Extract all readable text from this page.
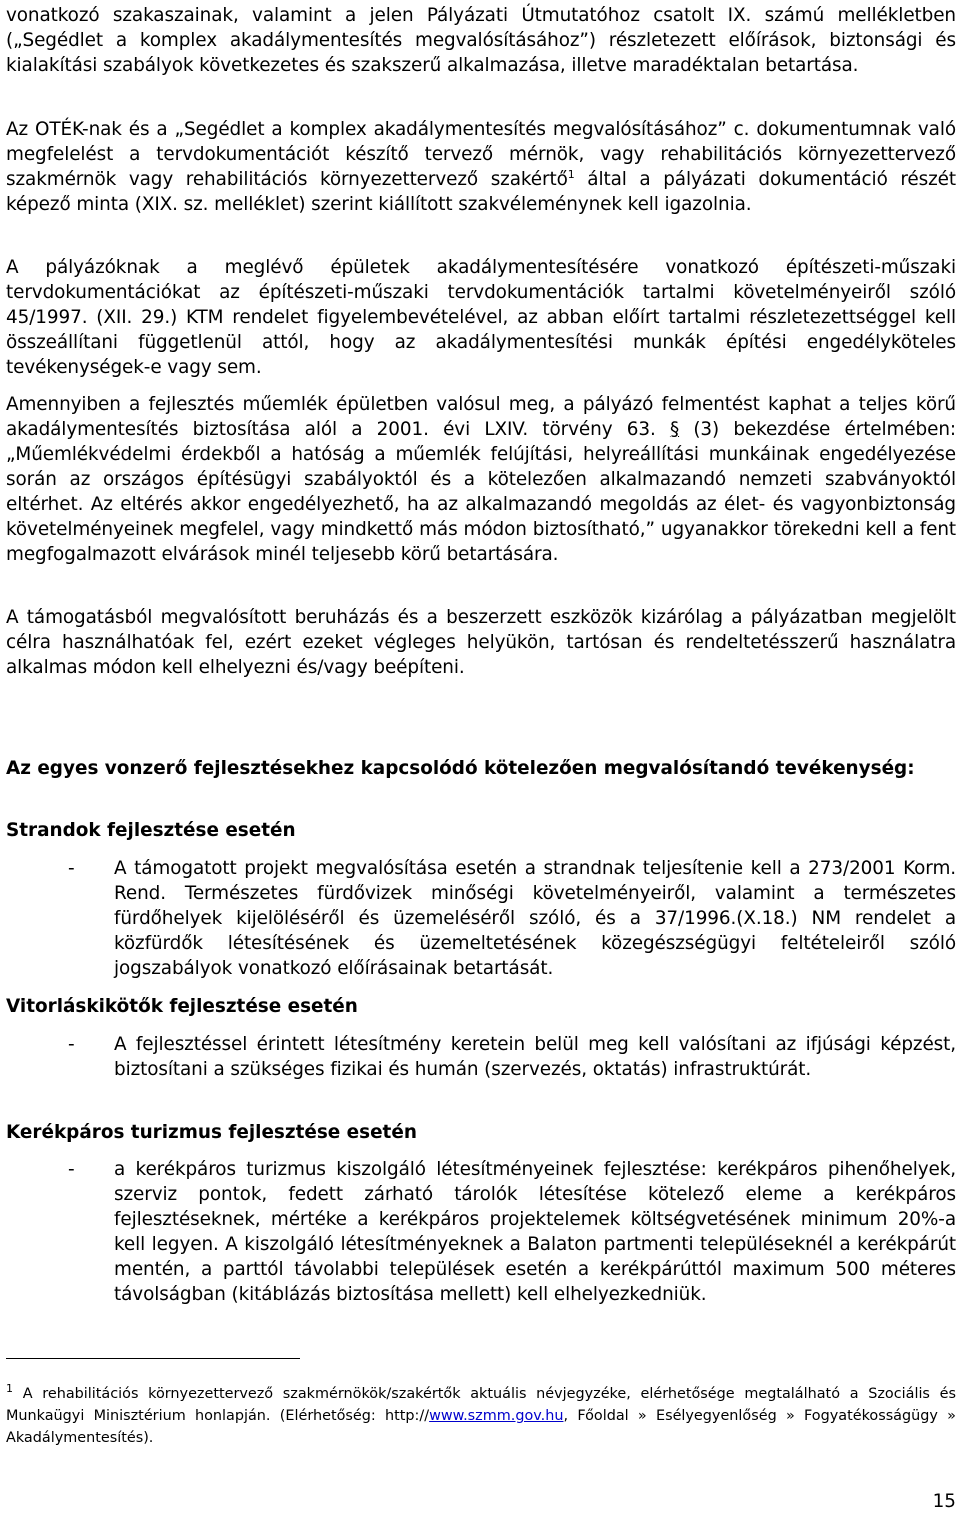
vonatkozó szakaszainak, valamint a jelen Pályázati Útmutatóhoz csatolt IX. számú mellékletben („Segédlet a komplex akadálymentesítés megvalósításához”) részletezett előírások, biztonsági és kialakítási szabályok következetes és szakszerű alkalmazása, illetve maradéktalan betartása.

Az OTÉK-nak és a „Segédlet a komplex akadálymentesítés megvalósításához” c. dokumentumnak való megfelelést a tervdokumentációt készítő tervező mérnök, vagy rehabilitációs környezettervező szakmérnök vagy rehabilitációs környezettervező szakértő$^1$ által a pályázati dokumentáció részét képező minta (XIX. sz. melléklet) szerint kiállított szakvéleménynek kell igazolnia.

A pályázóknak a meglévő épületek akadálymentesítésére vonatkozó építészeti-műszaki tervdokumentációkat az építészeti-műszaki tervdokumentációk tartalmi követelményeiről szóló 45/1997. (XII. 29.) KTM rendelet figyelembevételével, az abban előírt tartalmi részletezettséggel kell összeállítani függetlenül attól, hogy az akadálymentesítési munkák építési engedélyköteles tevékenységek-e vagy sem.

Amennyiben a fejlesztés műemlék épületben valósul meg, a pályázó felmentést kaphat a teljes körű akadálymentesítés biztosítása alól a 2001. évi LXIV. törvény 63. § (3) bekezdése értelmében: „Műemlékvédelmi érdekből a hatóság a műemlék felújítási, helyreállítási munkáinak engedélyezése során az országos építésügyi szabályoktól és a kötelezően alkalmazandó nemzeti szabványoktól eltérhet. Az eltérés akkor engedélyezhető, ha az alkalmazandó megoldás az élet- és vagyonbiztonság követelményeinek megfelel, vagy mindkettő más módon biztosítható,” ugyanakkor törekedni kell a fent megfogalmazott elvárások minél teljesebb körű betartására.

A támogatásból megvalósított beruházás és a beszerzett eszközök kizárólag a pályázatban megjelölt célra használhatóak fel, ezért ezeket végleges helyükön, tartósan és rendeltetésszerű használatra alkalmas módon kell elhelyezni és/vagy beépíteni.

Az egyes vonzerő fejlesztésekhez kapcsolódó kötelezően megvalósítandó tevékenység:
Strandok fejlesztése esetén
- A támogatott projekt megvalósítása esetén a strandnak teljesítenie kell a 273/2001 Korm. Rend. Természetes fürdővizek minőségi követelményeiről, valamint a természetes fürdőhelyek kijelöléséről és üzemeléséről szóló, és a 37/1996.(X.18.) NM rendelet a közfürdők létesítésének és üzemeltetésének közegészségügyi feltételeiről szóló jogszabályok vonatkozó előírásainak betartását.

Vitorláskikötők fejlesztése esetén
- A fejlesztéssel érintett létesítmény keretein belül meg kell valósítani az ifjúsági képzést, biztosítani a szükséges fizikai és humán (szervezés, oktatás) infrastruktúrát.

Kerékpáros turizmus fejlesztése esetén
- a kerékpáros turizmus kiszolgáló létesítményeinek fejlesztése: kerékpáros pihenőhelyek, szerviz pontok, fedett zárható tárolók létesítése kötelező eleme a kerékpáros fejlesztéseknek, mértéke a kerékpáros projektelemek költségvetésének minimum 20%-a kell legyen. A kiszolgáló létesítményeknek a Balaton partmenti településeknél a kerékpárút mentén, a parttól távolabbi települések esetén a kerékpárúttól maximum 500 méteres távolságban (kitáblázás biztosítása mellett) kell elhelyezkedniük.

$^1$ A rehabilitációs környezettervező szakmérnökök/szakértők aktuális névjegyzéke, elérhetősége megtalálható a Szociális és Munkaügyi Minisztérium honlapján. (Elérhetőség: http://www.szmm.gov.hu, Főoldal » Esélyegyenlőség » Fogyatékosságügy » Akadálymentesítés).
15
